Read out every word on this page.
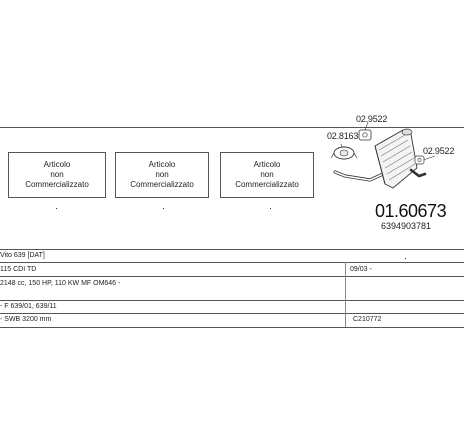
Articolo
non
Commercializzato
Articolo
non
Commercializzato
Articolo
non
Commercializzato
02.9522
02.8163
02.9522
01.60673
6394903781
Vito 639 [DAT]
115 CDI TD	09/03 -
2148 cc, 150 HP, 110 KW MF OM646 -
- F 639/01, 639/11
- SWB 3200 mm	C210772
